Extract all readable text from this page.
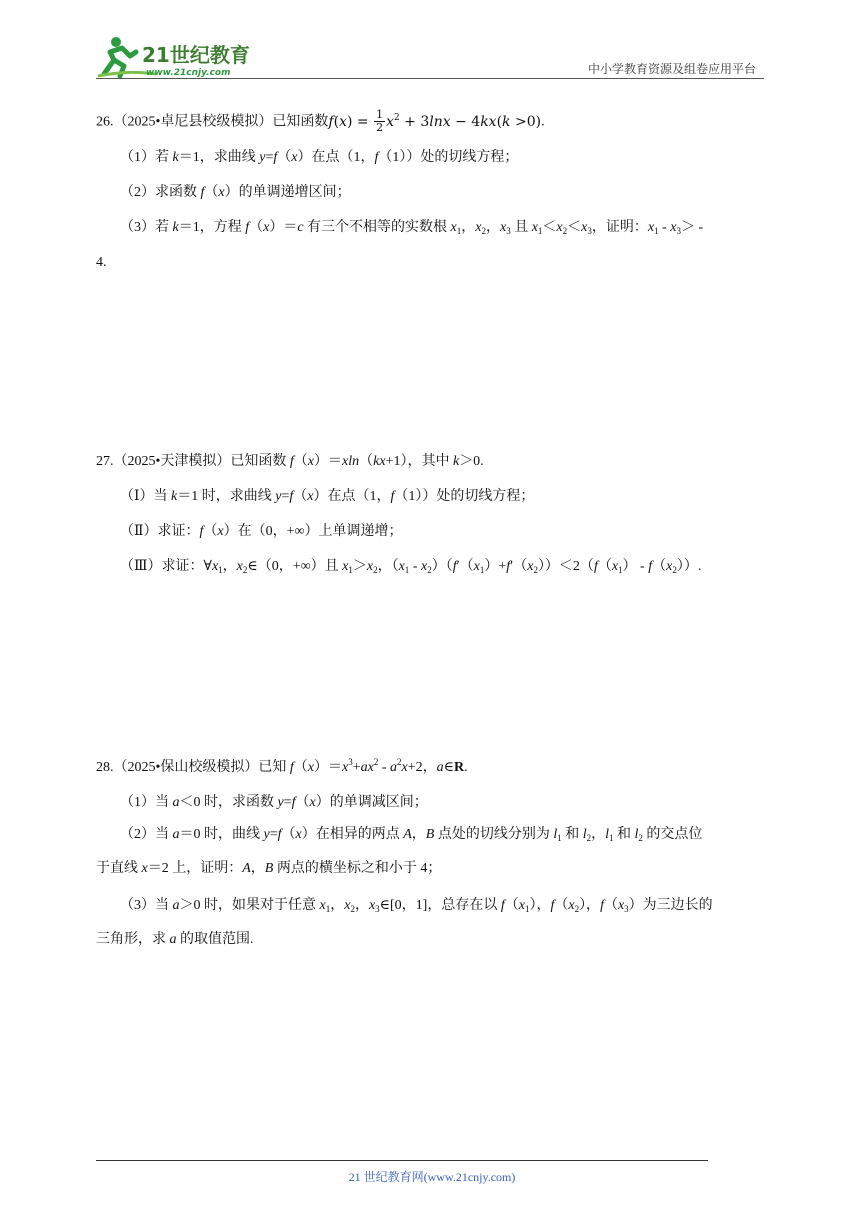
21世纪教育
www.21cnjy.com	中小学教育资源及组卷应用平台
26.（2025•卓尼县校级模拟）已知函数$f(x) = \frac{1}{2} x^2 + 3\ln x - 4kx(k >0)$.
（1）若 k＝1，求曲线 y=f（x）在点（1，f（1））处的切线方程；
（2）求函数 f（x）的单调递增区间；
（3）若 k＝1，方程 f（x）＝c 有三个不相等的实数根 $x_1$，$x_2$，$x_3$ 且 $x_1<x_2<x_3$，证明：$x_1 - x_3>$ -
4.
27.（2025•天津模拟）已知函数 f（x）＝xln（kx+1），其中 k＞0.
（Ⅰ）当 k＝1 时，求曲线 y=f（x）在点（1，f（1））处的切线方程；
（Ⅱ）求证：f（x）在（0，+∞）上单调递增；
（Ⅲ）求证：$\forall x_1$，$x_2\in(0$，+∞）且 $x_1>x_2$，$(x_1 - x_2)(f'(x_1)+f'(x_2))<2(f(x_1) - f(x_2))$.
28.（2025•保山校级模拟）已知 $f(x)=x^3+ax^2 - a^2x+2$，a∈R.
（1）当 a＜0 时，求函数 y=f（x）的单调减区间；
（2）当 a＝0 时，曲线 y=f（x）在相异的两点 A，B 点处的切线分别为 $l_1$ 和 $l_2$，$l_1$ 和 $l_2$ 的交点位
于直线 x＝2 上，证明：A，B 两点的横坐标之和小于 4；
（3）当 a＞0 时，如果对于任意 $x_1$，$x_2$，$x_3\in[0$，1]，总存在以 $f(x_1)$，$f(x_2)$，$f(x_3)$为三边长的
三角形，求 a 的取值范围.
21 世纪教育网(www.21cnjy.com)
